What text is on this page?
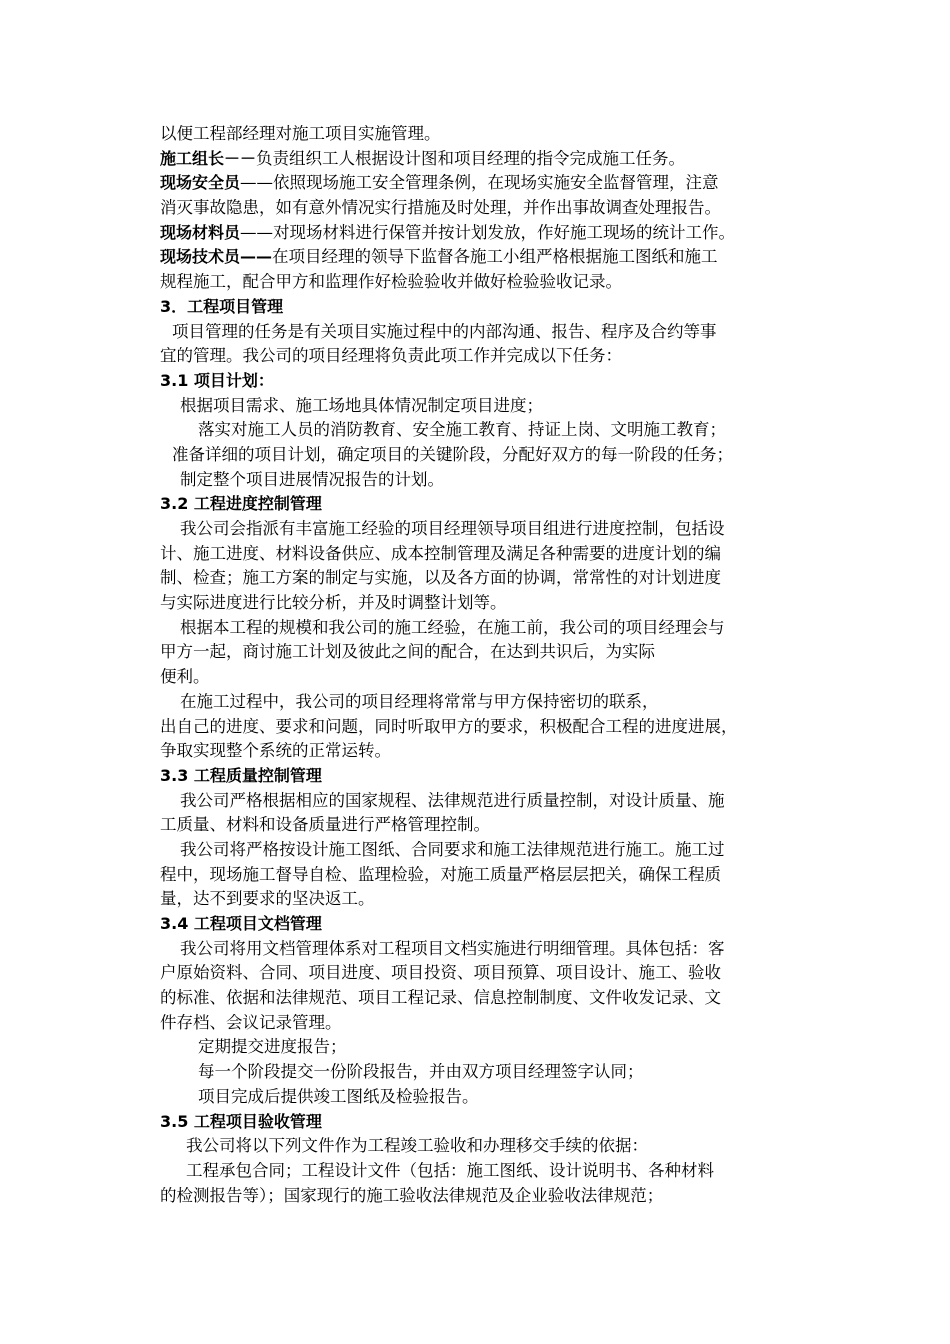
以便工程部经理对施工项目实施管理。
施工组长－－负责组织工人根据设计图和项目经理的指令完成施工任务。
现场安全员——依照现场施工安全管理条例，在现场实施安全监督管理，注意
消灭事故隐患，如有意外情况实行措施及时处理，并作出事故调查处理报告。
现场材料员——对现场材料进行保管并按计划发放，作好施工现场的统计工作。
现场技术员——在项目经理的领导下监督各施工小组严格根据施工图纸和施工
规程施工，配合甲方和监理作好检验验收并做好检验验收记录。
3．工程项目管理
项目管理的任务是有关项目实施过程中的内部沟通、报告、程序及合约等事
宜的管理。我公司的项目经理将负责此项工作并完成以下任务：
3.1 项目计划：
根据项目需求、施工场地具体情况制定项目进度；
落实对施工人员的消防教育、安全施工教育、持证上岗、文明施工教育；
准备详细的项目计划，确定项目的关键阶段，分配好双方的每一阶段的任务；
制定整个项目进展情况报告的计划。
3.2 工程进度控制管理
我公司会指派有丰富施工经验的项目经理领导项目组进行进度控制，包括设
计、施工进度、材料设备供应、成本控制管理及满足各种需要的进度计划的编
制、检查；施工方案的制定与实施，以及各方面的协调，常常性的对计划进度
与实际进度进行比较分析，并及时调整计划等。
根据本工程的规模和我公司的施工经验，在施工前，我公司的项目经理会与
甲方一起，商讨施工计划及彼此之间的配合，在达到共识后，为实际
便利。
在施工过程中，我公司的项目经理将常常与甲方保持密切的联系，
出自己的进度、要求和问题，同时听取甲方的要求，积极配合工程的进度进展，
争取实现整个系统的正常运转。
3.3 工程质量控制管理
我公司严格根据相应的国家规程、法律规范进行质量控制，对设计质量、施
工质量、材料和设备质量进行严格管理控制。
我公司将严格按设计施工图纸、合同要求和施工法律规范进行施工。施工过
程中，现场施工督导自检、监理检验，对施工质量严格层层把关，确保工程质
量，达不到要求的坚决返工。
3.4 工程项目文档管理
我公司将用文档管理体系对工程项目文档实施进行明细管理。具体包括：客
户原始资料、合同、项目进度、项目投资、项目预算、项目设计、施工、验收
的标准、依据和法律规范、项目工程记录、信息控制制度、文件收发记录、文
件存档、会议记录管理。
定期提交进度报告；
每一个阶段提交一份阶段报告，并由双方项目经理签字认同；
项目完成后提供竣工图纸及检验报告。
3.5 工程项目验收管理
我公司将以下列文件作为工程竣工验收和办理移交手续的依据：
工程承包合同；工程设计文件（包括：施工图纸、设计说明书、各种材料
的检测报告等）；国家现行的施工验收法律规范及企业验收法律规范；
